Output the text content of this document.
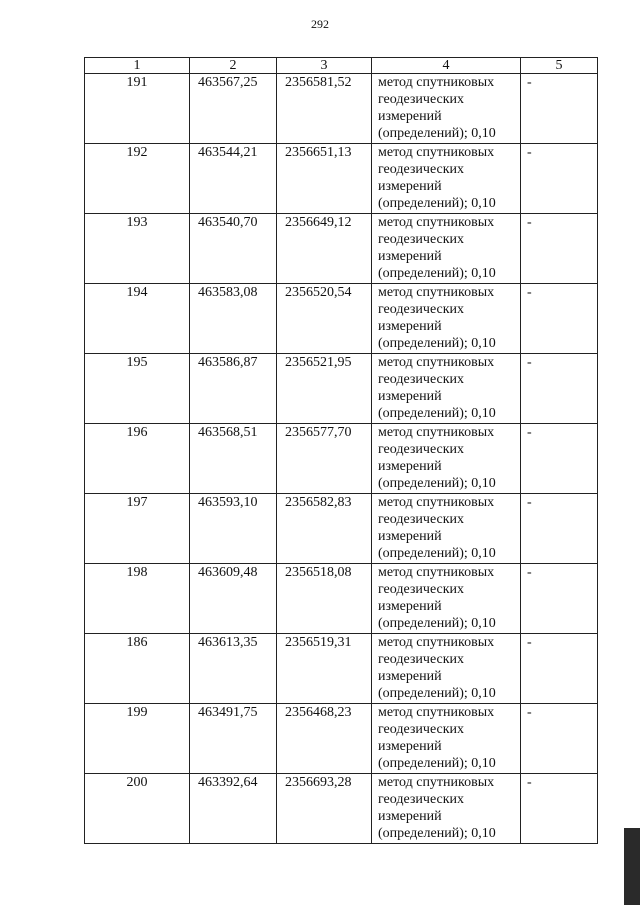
292
1	2	3	4	5
191	463567,25	2356581,52	метод спутниковых геодезических измерений (определений); 0,10	-
192	463544,21	2356651,13	метод спутниковых геодезических измерений (определений); 0,10	-
193	463540,70	2356649,12	метод спутниковых геодезических измерений (определений); 0,10	-
194	463583,08	2356520,54	метод спутниковых геодезических измерений (определений); 0,10	-
195	463586,87	2356521,95	метод спутниковых геодезических измерений (определений); 0,10	-
196	463568,51	2356577,70	метод спутниковых геодезических измерений (определений); 0,10	-
197	463593,10	2356582,83	метод спутниковых геодезических измерений (определений); 0,10	-
198	463609,48	2356518,08	метод спутниковых геодезических измерений (определений); 0,10	-
186	463613,35	2356519,31	метод спутниковых геодезических измерений (определений); 0,10	-
199	463491,75	2356468,23	метод спутниковых геодезических измерений (определений); 0,10	-
200	463392,64	2356693,28	метод спутниковых геодезических измерений (определений); 0,10	-
